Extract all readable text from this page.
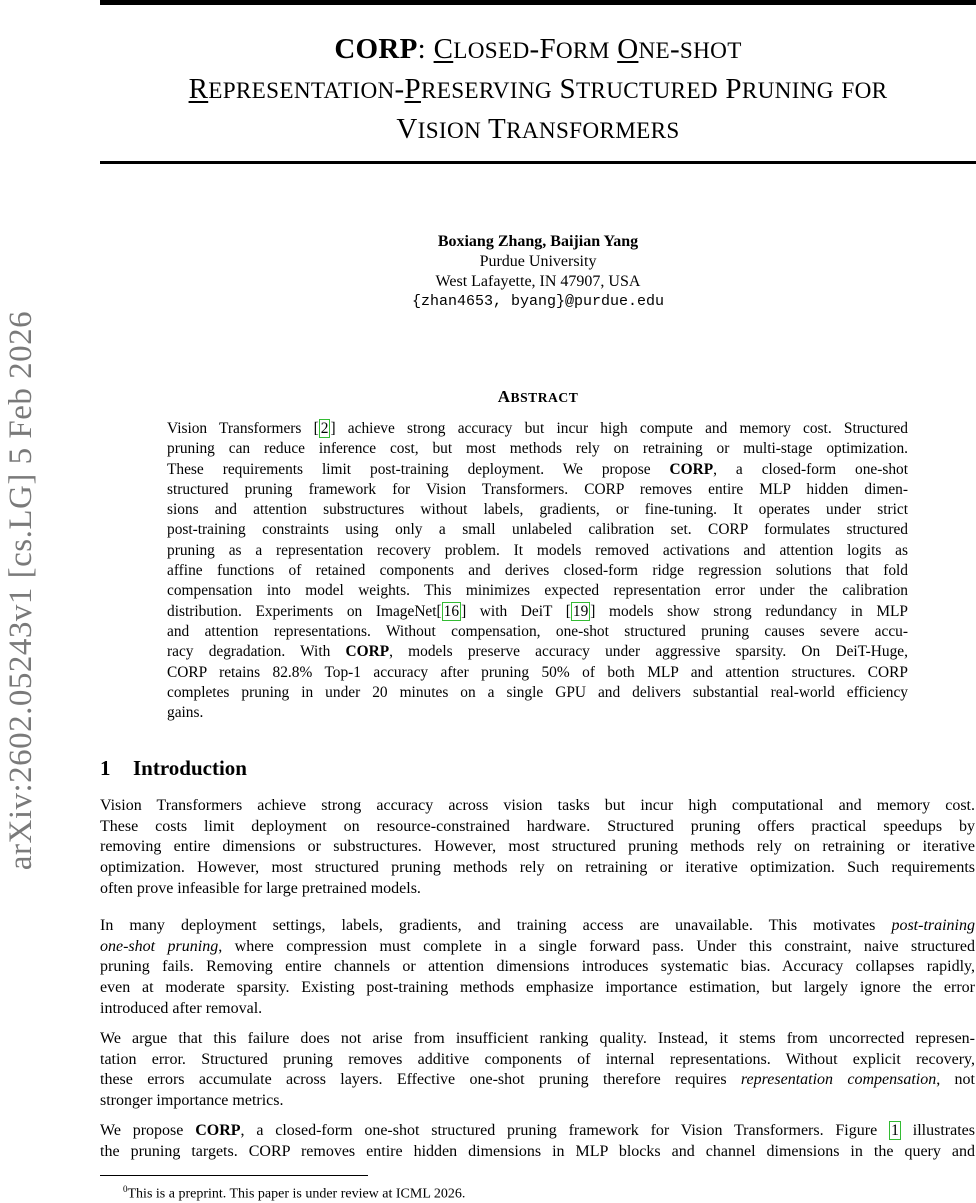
arXiv:2602.05243v1 [cs.LG] 5 Feb 2026
CORP: CLOSED-FORM ONE-SHOT
REPRESENTATION-PRESERVING STRUCTURED PRUNING FOR
VISION TRANSFORMERS
Boxiang Zhang, Baijian Yang
Purdue University
West Lafayette, IN 47907, USA
{zhan4653, byang}@purdue.edu
ABSTRACT
Vision Transformers [ 2 ] achieve strong accuracy but incur high compute and memory cost. Structured
pruning can reduce inference cost, but most methods rely on retraining or multi-stage optimization.
These requirements limit post-training deployment. We propose CORP, a closed-form one-shot
structured pruning framework for Vision Transformers. CORP removes entire MLP hidden dimen-
sions and attention substructures without labels, gradients, or fine-tuning. It operates under strict
post-training constraints using only a small unlabeled calibration set. CORP formulates structured
pruning as a representation recovery problem. It models removed activations and attention logits as
affine functions of retained components and derives closed-form ridge regression solutions that fold
compensation into model weights. This minimizes expected representation error under the calibration
distribution. Experiments on ImageNet[ 16 ] with DeiT [ 19 ] models show strong redundancy in MLP
and attention representations. Without compensation, one-shot structured pruning causes severe accu-
racy degradation. With CORP, models preserve accuracy under aggressive sparsity. On DeiT-Huge,
CORP retains 82.8% Top-1 accuracy after pruning 50% of both MLP and attention structures. CORP
completes pruning in under 20 minutes on a single GPU and delivers substantial real-world efficiency
gains.
1 Introduction
Vision Transformers achieve strong accuracy across vision tasks but incur high computational and memory cost.
These costs limit deployment on resource-constrained hardware. Structured pruning offers practical speedups by
removing entire dimensions or substructures. However, most structured pruning methods rely on retraining or iterative
optimization. However, most structured pruning methods rely on retraining or iterative optimization. Such requirements
often prove infeasible for large pretrained models.
In many deployment settings, labels, gradients, and training access are unavailable. This motivates post-training
one-shot pruning, where compression must complete in a single forward pass. Under this constraint, naive structured
pruning fails. Removing entire channels or attention dimensions introduces systematic bias. Accuracy collapses rapidly,
even at moderate sparsity. Existing post-training methods emphasize importance estimation, but largely ignore the error
introduced after removal.
We argue that this failure does not arise from insufficient ranking quality. Instead, it stems from uncorrected represen-
tation error. Structured pruning removes additive components of internal representations. Without explicit recovery,
these errors accumulate across layers. Effective one-shot pruning therefore requires representation compensation, not
stronger importance metrics.
We propose CORP, a closed-form one-shot structured pruning framework for Vision Transformers. Figure 1 illustrates
the pruning targets. CORP removes entire hidden dimensions in MLP blocks and channel dimensions in the query and
$^0$This is a preprint. This paper is under review at ICML 2026.
